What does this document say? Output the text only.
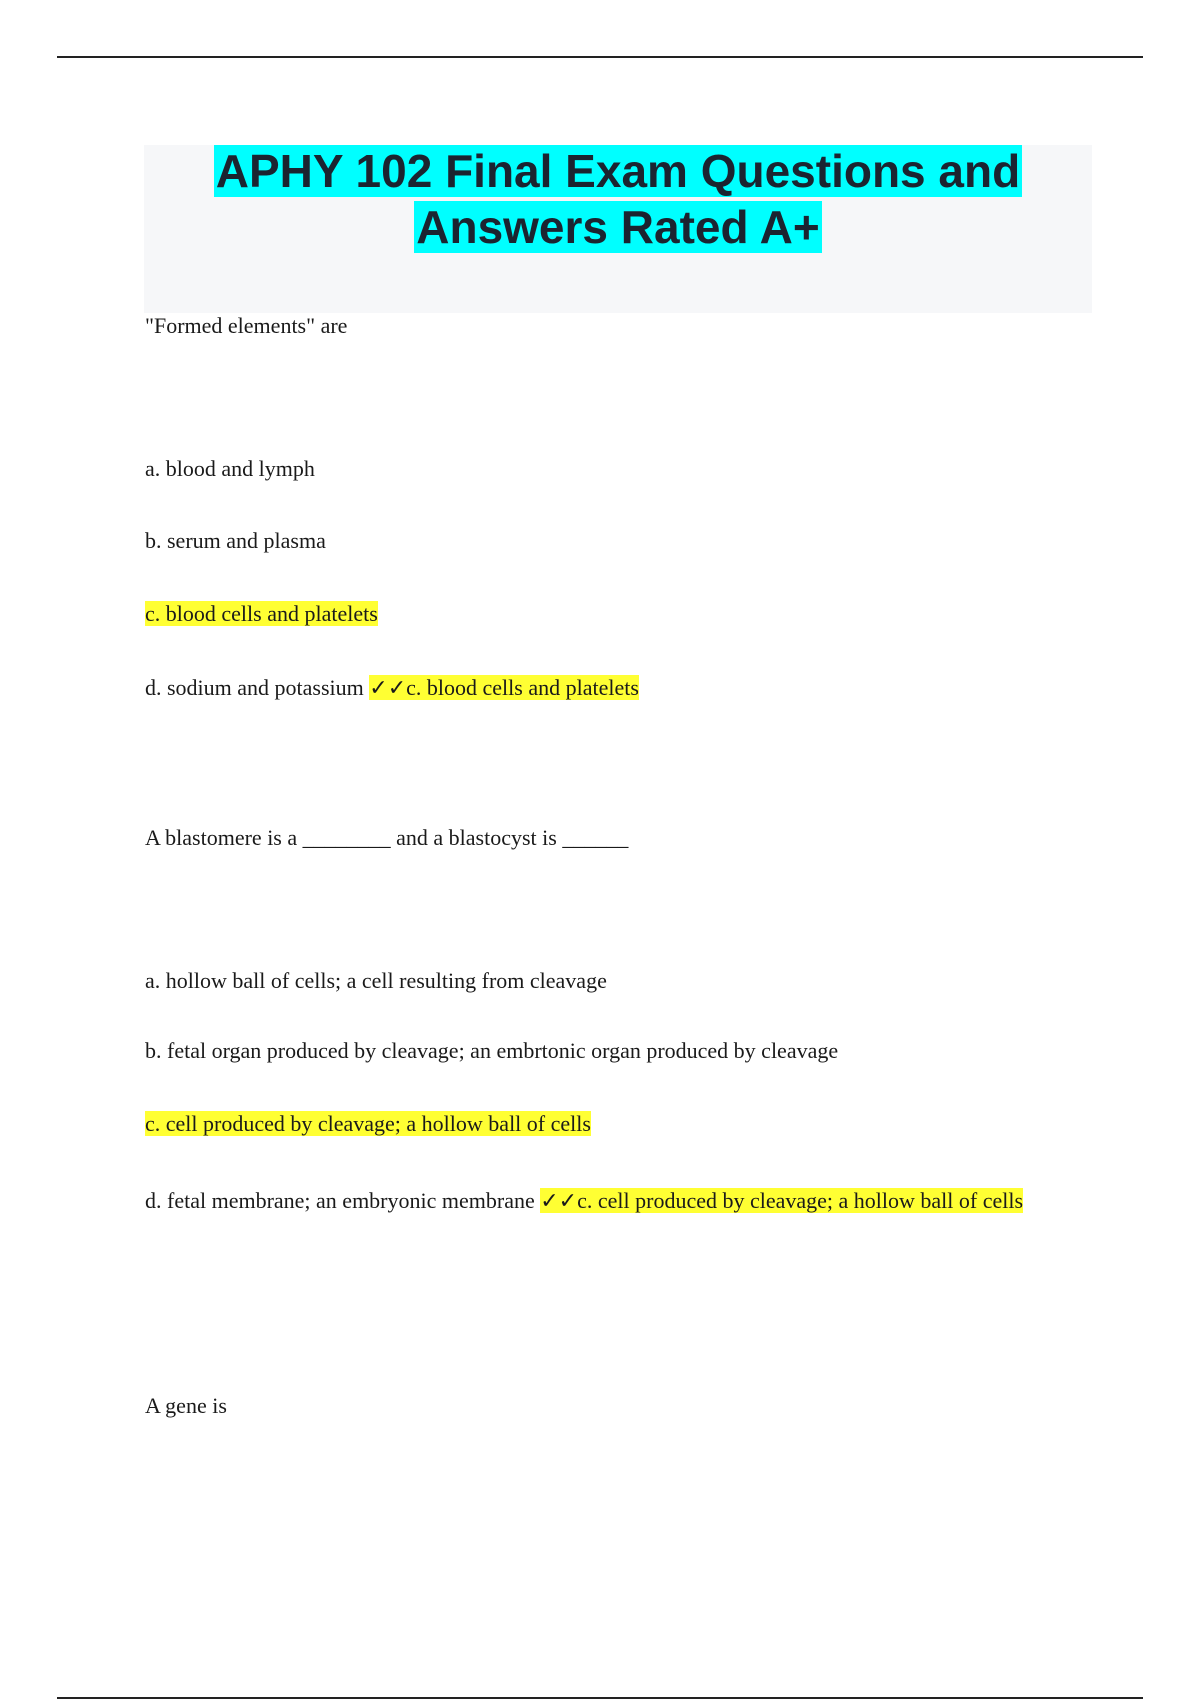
APHY 102 Final Exam Questions and
Answers Rated A+

"Formed elements" are

a. blood and lymph

b. serum and plasma

c. blood cells and platelets

d. sodium and potassium ✓✓c. blood cells and platelets

A blastomere is a ________ and a blastocyst is ______

a. hollow ball of cells; a cell resulting from cleavage

b. fetal organ produced by cleavage; an embrtonic organ produced by cleavage

c. cell produced by cleavage; a hollow ball of cells

d. fetal membrane; an embryonic membrane ✓✓c. cell produced by cleavage; a hollow ball of cells

A gene is
